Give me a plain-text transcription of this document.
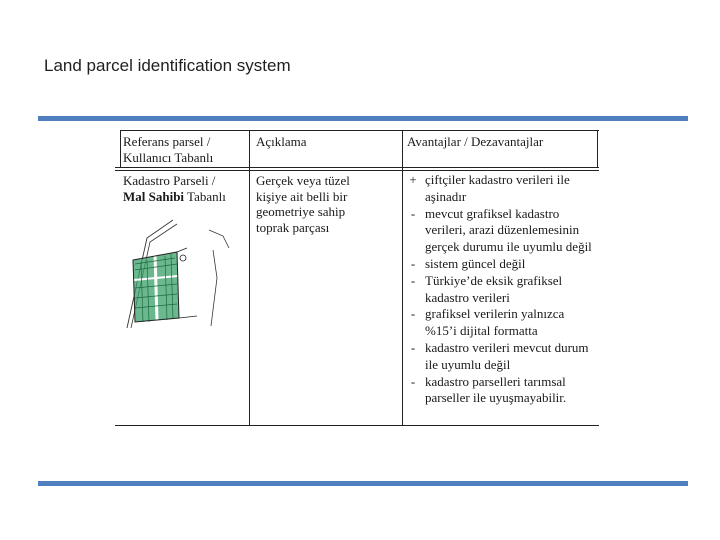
Land parcel identification system
Referans parsel /
Kullanıcı Tabanlı
Açıklama	Avantajlar / Dezavantajlar
Kadastro Parseli /
Mal Sahibi Tabanlı
Gerçek veya tüzel
kişiye ait belli bir
geometriye sahip
toprak parçası
+ çiftçiler kadastro verileri ile aşinadır
- mevcut grafiksel kadastro verileri, arazi düzenlemesinin gerçek durumu ile uyumlu değil
- sistem güncel değil
- Türkiye’de eksik grafiksel kadastro verileri
- grafiksel verilerin yalnızca %15’i dijital formatta
- kadastro verileri mevcut durum ile uyumlu değil
- kadastro parselleri tarımsal parseller ile uyuşmayabilir.
